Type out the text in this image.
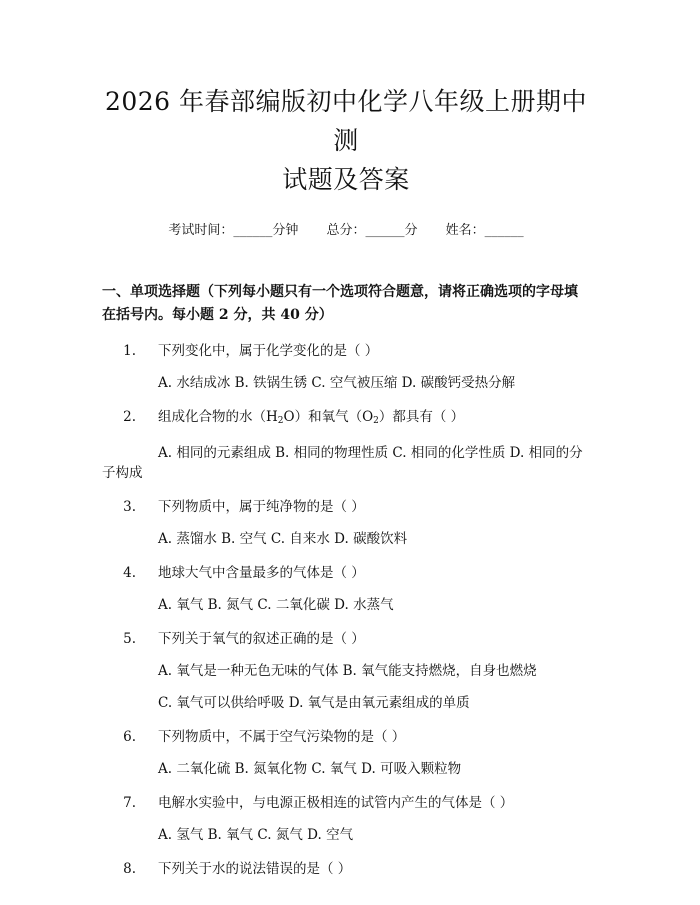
2026 年春部编版初中化学八年级上册期中测
试题及答案
考试时间：______分钟 总分：______分 姓名：______
一、单项选择题（下列每小题只有一个选项符合题意，请将正确选项的字母填在括号内。每小题 2 分，共 40 分）
1.	下列变化中，属于化学变化的是（ ）
A. 水结成冰 B. 铁锅生锈 C. 空气被压缩 D. 碳酸钙受热分解
2.	组成化合物的水$(H_2O)$和氧气$(O_2)$都具有（ ）
A. 相同的元素组成 B. 相同的物理性质 C. 相同的化学性质 D. 相同的分子构成
3.	下列物质中，属于纯净物的是（ ）
A. 蒸馏水 B. 空气 C. 自来水 D. 碳酸饮料
4.	地球大气中含量最多的气体是（ ）
A. 氧气 B. 氮气 C. 二氧化碳 D. 水蒸气
5.	下列关于氧气的叙述正确的是（ ）
A. 氧气是一种无色无味的气体 B. 氧气能支持燃烧，自身也燃烧
C. 氧气可以供给呼吸 D. 氧气是由氧元素组成的单质
6.	下列物质中，不属于空气污染物的是（ ）
A. 二氧化硫 B. 氮氧化物 C. 氧气 D. 可吸入颗粒物
7.	电解水实验中，与电源正极相连的试管内产生的气体是（ ）
A. 氢气 B. 氧气 C. 氮气 D. 空气
8.	下列关于水的说法错误的是（ ）
